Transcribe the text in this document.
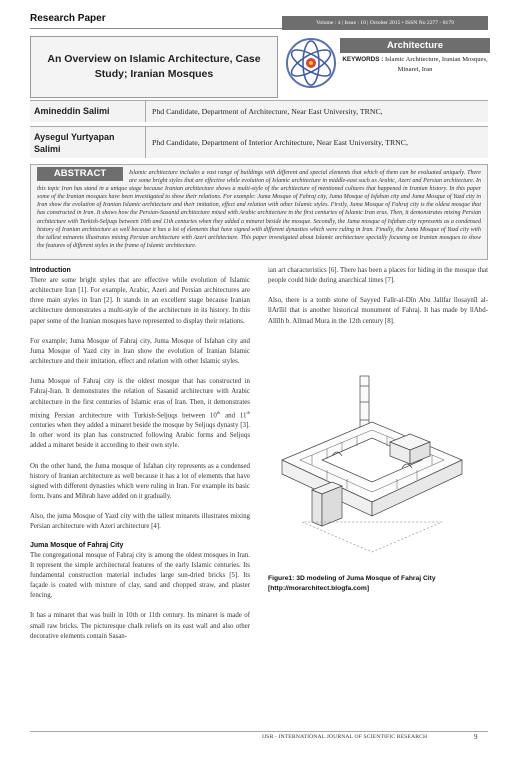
Research Paper	Volume : 4 | Issue : 10 | October 2015 • ISSN No 2277 - 8179
An Overview on Islamic Architecture, Case Study; Iranian Mosques
Architecture
KEYWORDS : Islamic Architecture, Iranian Mosques, Minaret, Iran
Amineddin Salimi	Phd Candidate, Department of Architecture, Near East University, TRNC,
Aysegul Yurtyapan Salimi
Phd Candidate, Department of Interior Architecture, Near East University, TRNC,
ABSTRACT	Islamic architecture includes a vast range of buildings with different and special elements that which of them can be evaluated uniquely. There are some bright styles that are effective while evolution of Islamic architecture in middle-east such as Arabic, Azeri and Persian architecture. In this topic Iran has stand in a unique stage because Iranian architecture shows a multi-style of the architecture of mentioned cultures that happened in Iranian history. In this paper some of the Iranian mosques have been investigated to show their relations. For example: Juma Mosque of Fahraj city, Juma Mosque of Isfahan city and Juma Mosque of Yazd city in Iran show the evolution of Iranian Islamic architecture and their imitation, effect and relation with other Islamic styles. Firstly, Juma Mosque of Fahraj city is the oldest mosque that has constructed in Iran. It shows how the Persian-Sasanid architecture mixed with Arabic architecture in the first centuries of Islamic Iran eras. Then, it demonstrates mixing Persian architecture with Turkish-Seljuqs between 10th and 11th centuries when they added a minaret beside the mosque. Secondly, the Juma mosque of Isfahan city represents as a condensed history of Iranian architecture as well because it has a lot of elements that have signed with different dynasties which were ruling in Iran. Finally, the Juma Mosque of Yazd city with the tallest minarets illustrates mixing Persian architecture with Azeri architecture. This paper investigated about Islamic architecture specially focusing on Iranian mosques to show the features of different styles in the frame of Islamic architecture.
Introduction

There are some bright styles that are effective while evolution of Islamic architecture Iran [1]. For example, Arabic, Azeri and Persian architectures are three main styles in Iran [2]. It stands in an excellent stage because Iranian architecture demonstrates a multi-style of the architecture in its history. In this paper some of the Iranian mosques have represented to display their relations.

For example; Juma Mosque of Fahraj city, Juma Mosque of Isfahan city and Juma Mosque of Yazd city in Iran show the evolution of Iranian Islamic architecture and their imitation, effect and relation with other Islamic styles.

Juma Mosque of Fahraj city is the oldest mosque that has constructed in Fahraj-Iran. It demonstrates the relation of Sasanid architecture with Arabic architecture in the first centuries of Islamic eras of Iran. Then, it demonstrates mixing Persian architecture with Turkish-Seljuqs between 10th and 11th centuries when they added a minaret beside the mosque by Seljuqs dynasty [3]. In other word its plan has constructed following Arabic forms and Seljuqs added a minaret beside it according to their own style.

On the other hand, the Juma mosque of Isfahan city represents as a condensed history of Iranian architecture as well because it has a lot of elements that have signed with different dynasties which were ruling in Iran. For example its basic form, Ivans and Mihrab have added on it gradually.

Also, the juma Mosque of Yazd city with the tallest minarets illustrates mixing Persian architecture with Azeri architecture [4].

Juma Mosque of Fahraj City

The congregational mosque of Fahraj city is among the oldest mosques in Iran. It represent the simple architectural features of the early Islamic centuries. Its fundamental construction material includes large sun-dried bricks [5]. Its façade is coated with mixture of clay, sand and chopped straw, and plaster fencing.

It has a minaret that was built in 10th or 11th century. Its minaret is made of small raw bricks. The picturesque chalk reliefs on its east wall and also other decorative elements contain Sasan-

ian art characteristics [6]. There has been a places for hiding in the mosque that people could hide during anarchical times [7].

Also, there is a tomb stone of Sayyed Fallr-al-Dīn Abu Jallfar llosaynīl al-llArīlil that is another historical monument of Fahraj. It has made by llAbd-Allīlh b. Allmad Mura in the 12th century [8].

Figure1: 3D modeling of Juma Mosque of Fahraj City [http://morarchitect.blogfa.com]
IJSR - INTERNATIONAL JOURNAL OF SCIENTIFIC RESEARCH	9
